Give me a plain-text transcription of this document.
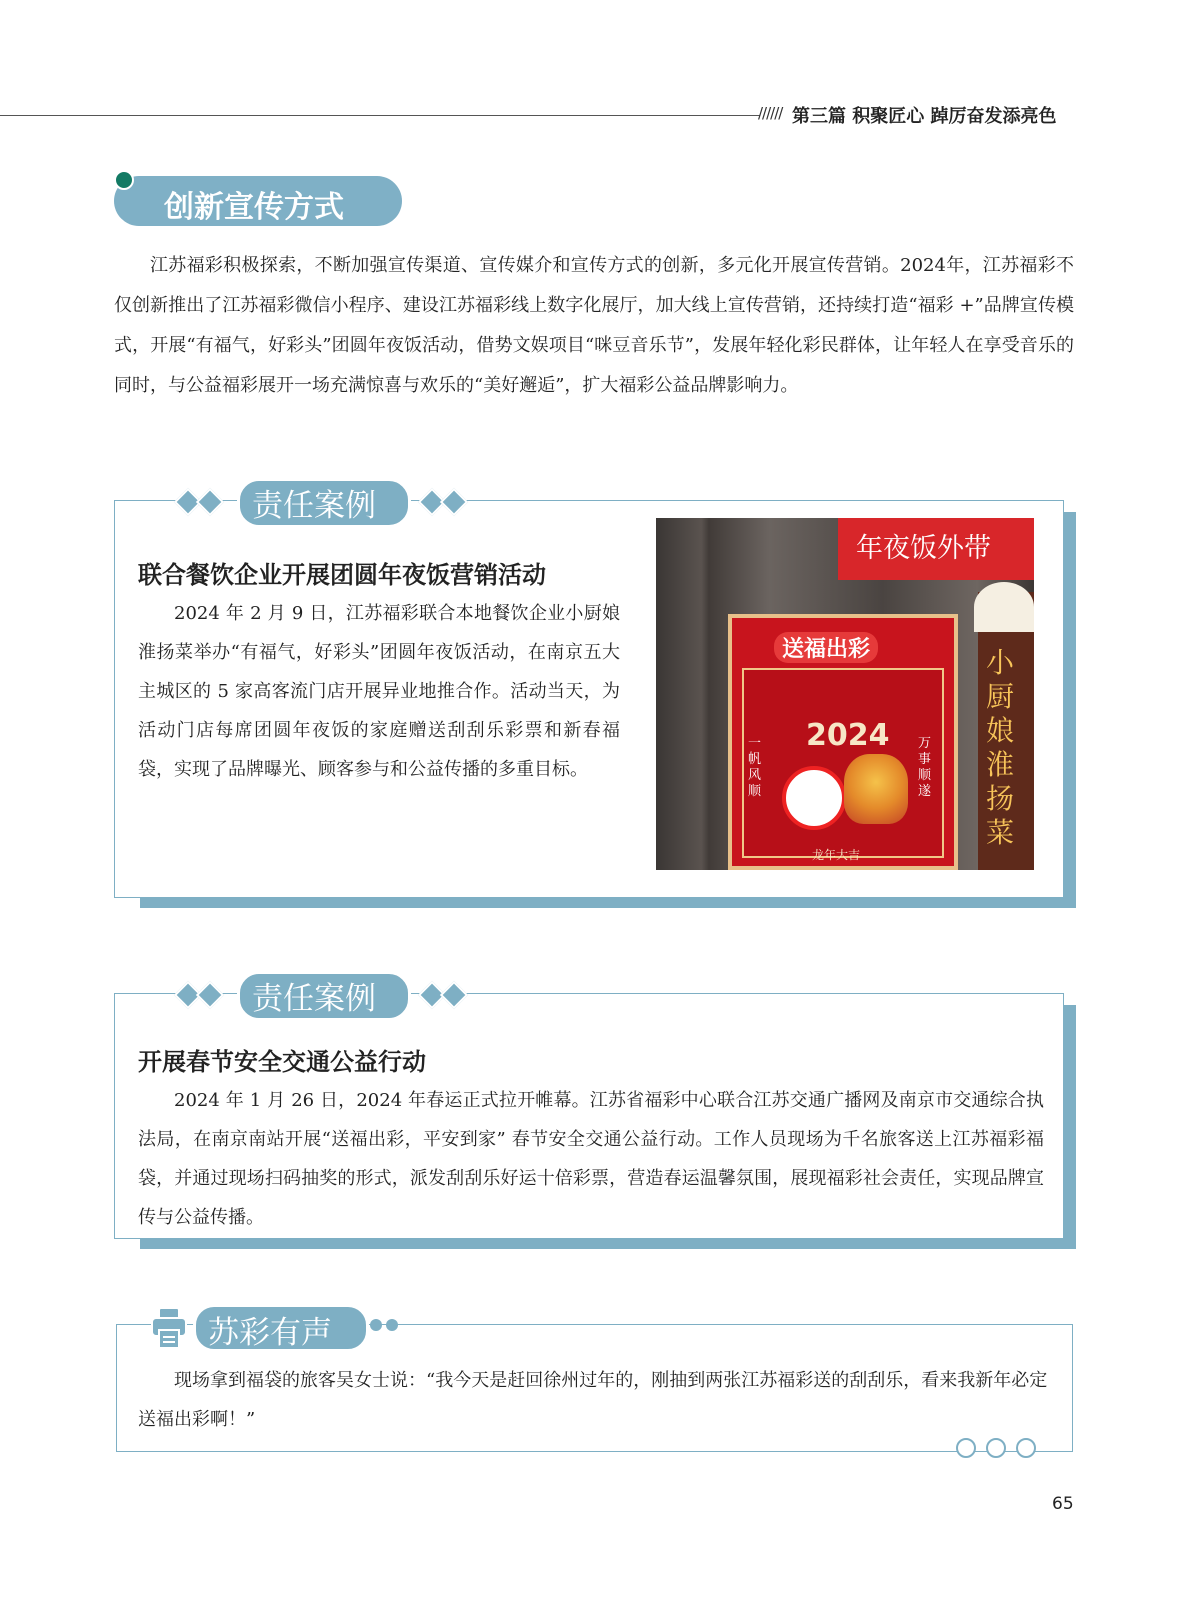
////// 第三篇 积聚匠心 踔厉奋发添亮色
创新宣传方式

江苏福彩积极探索，不断加强宣传渠道、宣传媒介和宣传方式的创新，多元化开展宣传营销。2024年，江苏福彩不仅创新推出了江苏福彩微信小程序、建设江苏福彩线上数字化展厅，加大线上宣传营销，还持续打造“福彩 +”品牌宣传模式，开展“有福气，好彩头”团圆年夜饭活动，借势文娱项目“咪豆音乐节”，发展年轻化彩民群体，让年轻人在享受音乐的同时，与公益福彩展开一场充满惊喜与欢乐的“美好邂逅”，扩大福彩公益品牌影响力。

责任案例
联合餐饮企业开展团圆年夜饭营销活动

2024 年 2 月 9 日，江苏福彩联合本地餐饮企业小厨娘淮扬菜举办“有福气，好彩头”团圆年夜饭活动，在南京五大主城区的 5 家高客流门店开展异业地推合作。活动当天，为活动门店每席团圆年夜饭的家庭赠送刮刮乐彩票和新春福袋，实现了品牌曝光、顾客参与和公益传播的多重目标。

年夜饭外带
小厨娘淮扬菜
送福出彩
2024
一帆风顺
万事顺遂
龙年大吉
责任案例
开展春节安全交通公益行动

2024 年 1 月 26 日，2024 年春运正式拉开帷幕。江苏省福彩中心联合江苏交通广播网及南京市交通综合执法局，在南京南站开展“送福出彩，平安到家” 春节安全交通公益行动。工作人员现场为千名旅客送上江苏福彩福袋，并通过现场扫码抽奖的形式，派发刮刮乐好运十倍彩票，营造春运温馨氛围，展现福彩社会责任，实现品牌宣传与公益传播。

苏彩有声

现场拿到福袋的旅客吴女士说：“我今天是赶回徐州过年的，刚抽到两张江苏福彩送的刮刮乐，看来我新年必定送福出彩啊！”

65
